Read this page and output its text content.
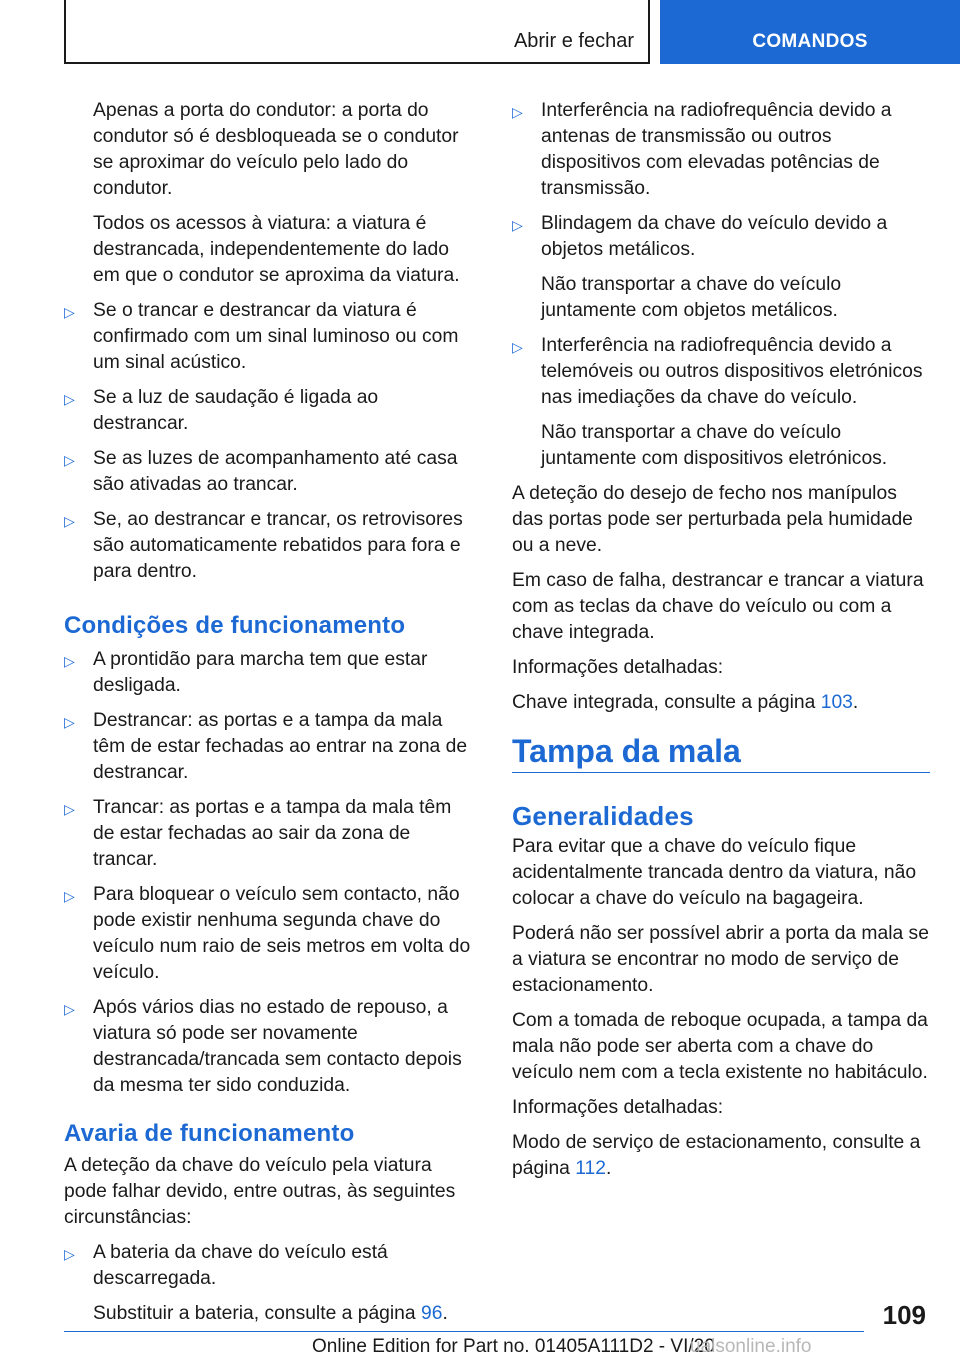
Abrir e fechar	COMANDOS

Apenas a porta do condutor: a porta do condutor só é desbloqueada se o condutor se aproximar do veículo pelo lado do condutor.

Todos os acessos à viatura: a viatura é destrancada, independentemente do lado em que o condutor se aproxima da viatura.

▷ Se o trancar e destrancar da viatura é confirmado com um sinal luminoso ou com um sinal acústico.
▷ Se a luz de saudação é ligada ao destrancar.
▷ Se as luzes de acompanhamento até casa são ativadas ao trancar.
▷ Se, ao destrancar e trancar, os retrovisores são automaticamente rebatidos para fora e para dentro.
Condições de funcionamento
▷ A prontidão para marcha tem que estar desligada.
▷ Destrancar: as portas e a tampa da mala têm de estar fechadas ao entrar na zona de destrancar.
▷ Trancar: as portas e a tampa da mala têm de estar fechadas ao sair da zona de trancar.
▷ Para bloquear o veículo sem contacto, não pode existir nenhuma segunda chave do veículo num raio de seis metros em volta do veículo.
▷ Após vários dias no estado de repouso, a viatura só pode ser novamente destrancada/trancada sem contacto depois da mesma ter sido conduzida.
Avaria de funcionamento

A deteção da chave do veículo pela viatura pode falhar devido, entre outras, às seguintes circunstâncias:

▷ A bateria da chave do veículo está descarregada.

Substituir a bateria, consulte a página 96.

▷ Interferência na radiofrequência devido a antenas de transmissão ou outros dispositivos com elevadas potências de transmissão.
▷ Blindagem da chave do veículo devido a objetos metálicos.

Não transportar a chave do veículo juntamente com objetos metálicos.

▷ Interferência na radiofrequência devido a telemóveis ou outros dispositivos eletrónicos nas imediações da chave do veículo.

Não transportar a chave do veículo juntamente com dispositivos eletrónicos.

A deteção do desejo de fecho nos manípulos das portas pode ser perturbada pela humidade ou a neve.

Em caso de falha, destrancar e trancar a viatura com as teclas da chave do veículo ou com a chave integrada.

Informações detalhadas:

Chave integrada, consulte a página 103.

Tampa da mala
Generalidades

Para evitar que a chave do veículo fique acidentalmente trancada dentro da viatura, não colocar a chave do veículo na bagageira.

Poderá não ser possível abrir a porta da mala se a viatura se encontrar no modo de serviço de estacionamento.

Com a tomada de reboque ocupada, a tampa da mala não pode ser aberta com a chave do veículo nem com a tecla existente no habitáculo.

Informações detalhadas:

Modo de serviço de estacionamento, consulte a página 112.

109
Online Edition for Part no. 01405A111D2 - VI/20
ualsonline.info
